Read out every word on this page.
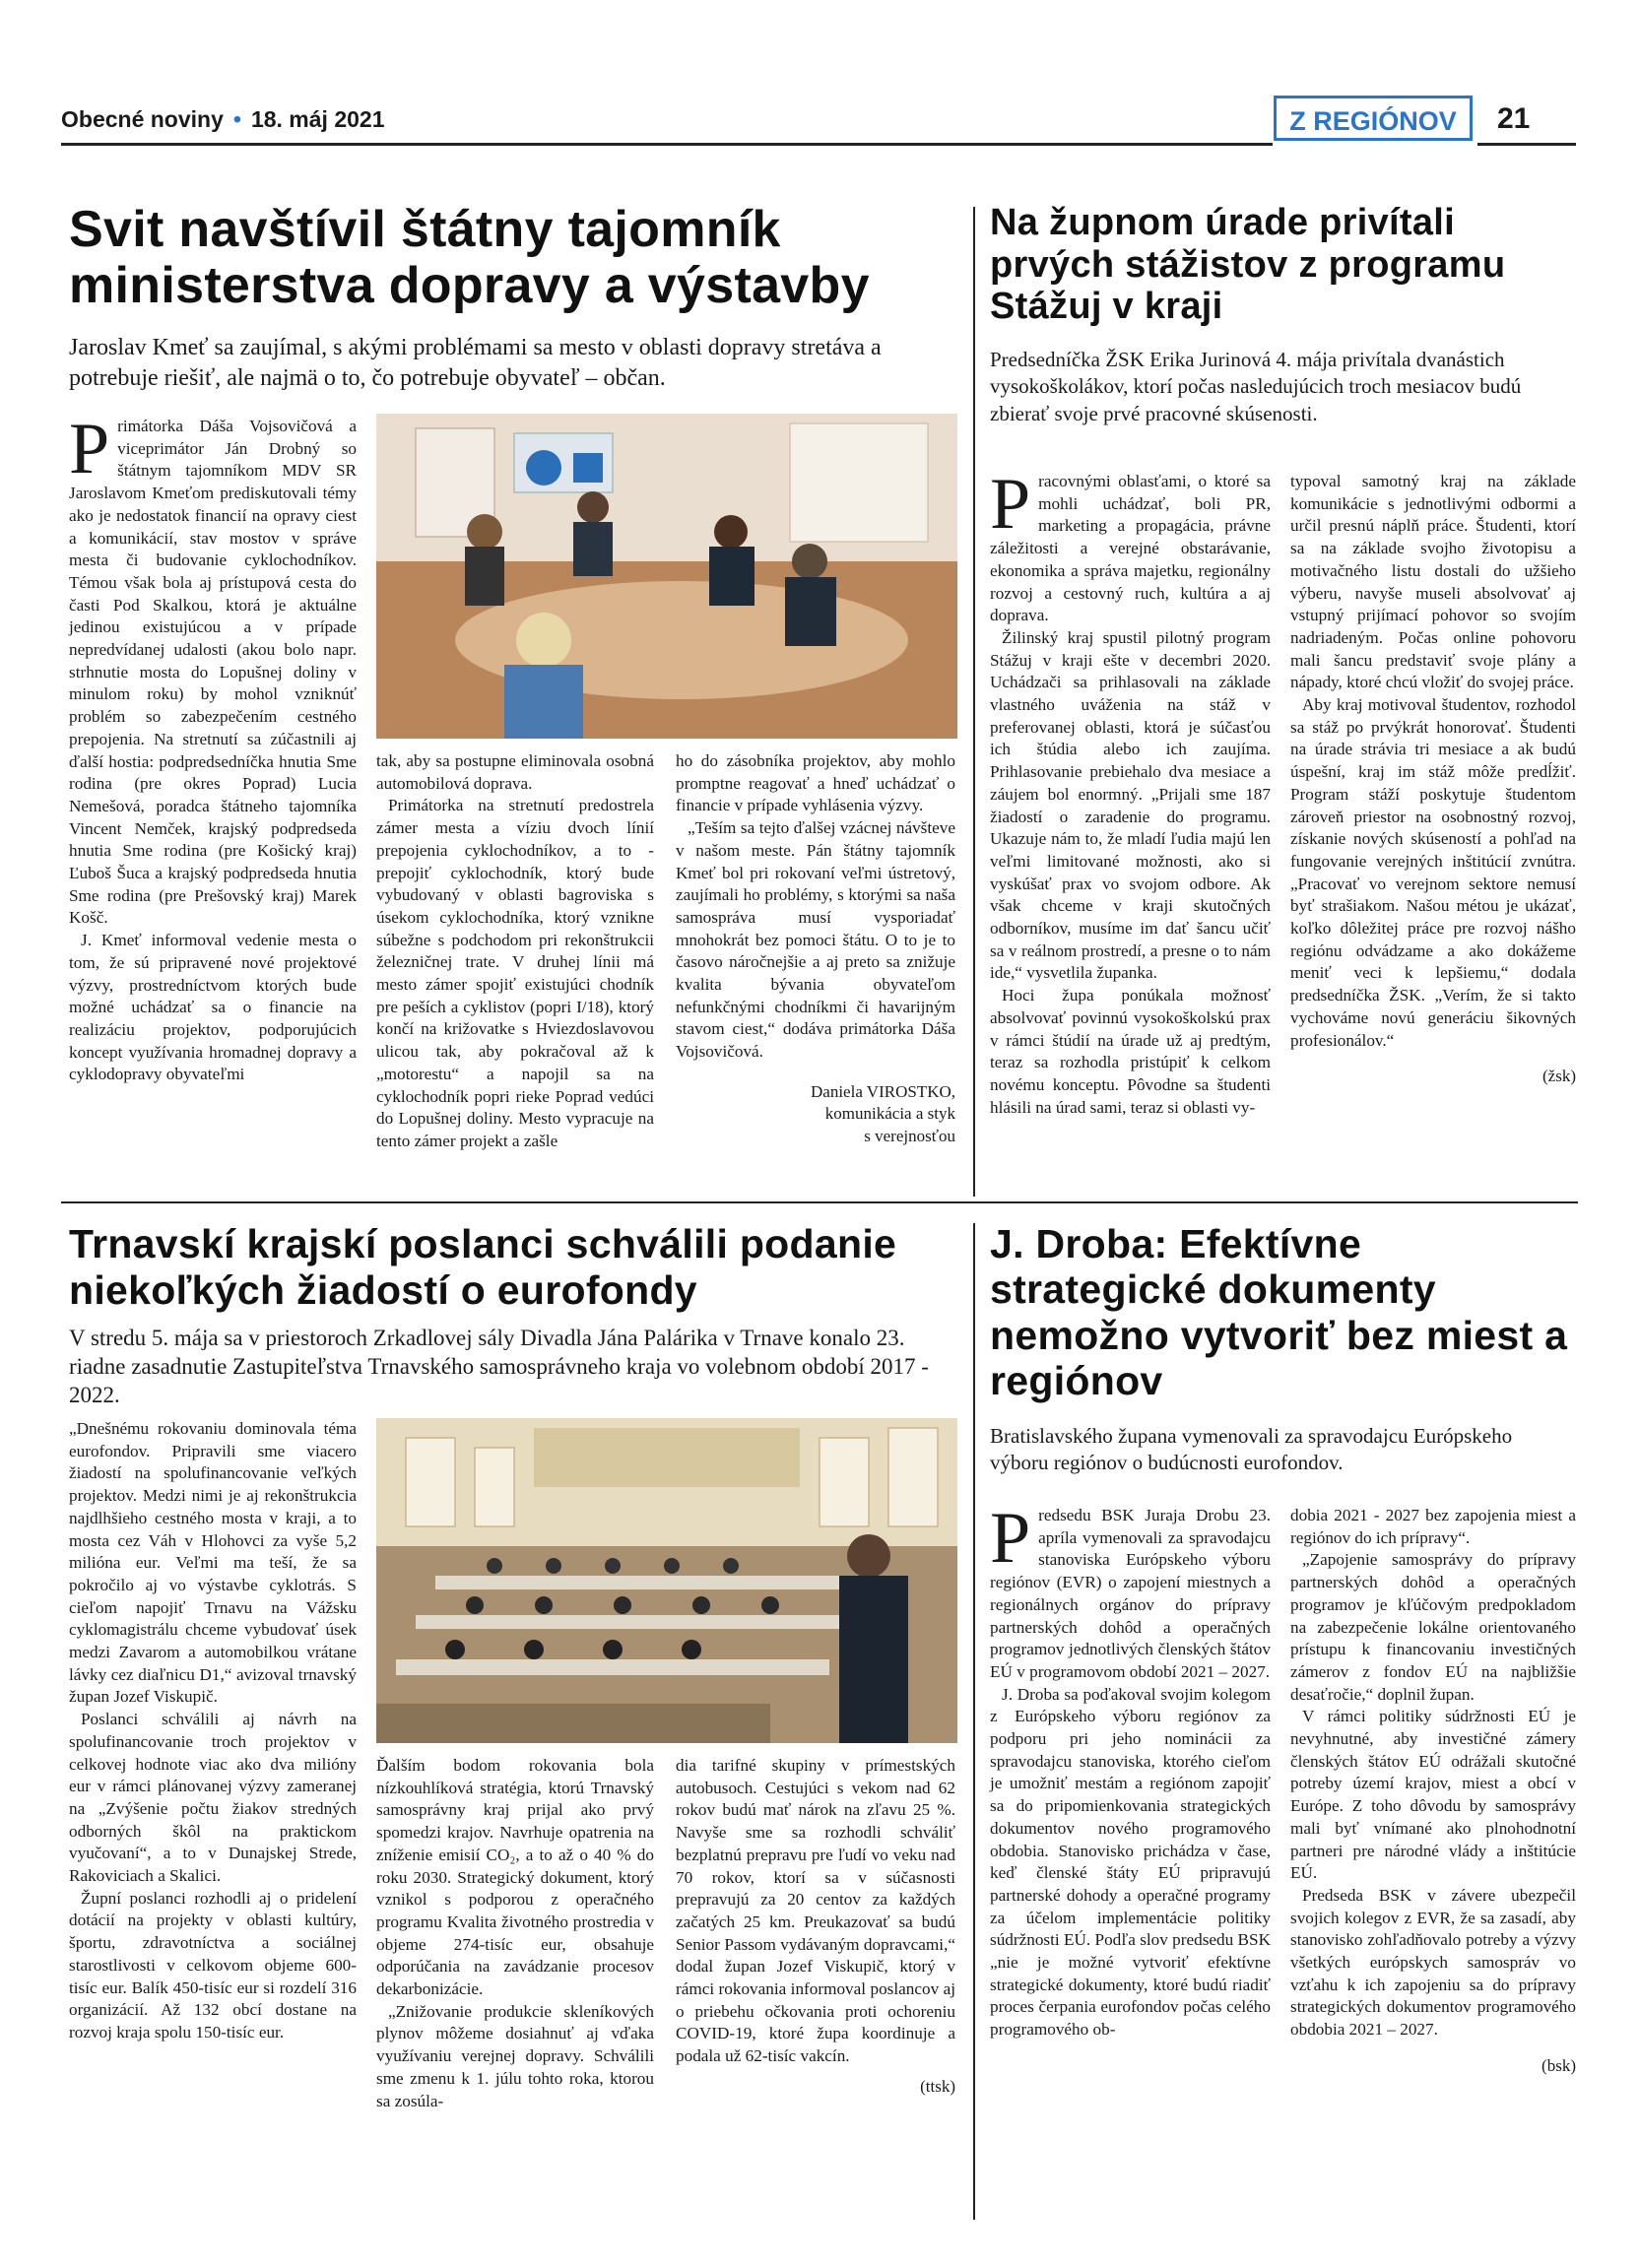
Obecné noviny • 18. máj 2021	Z REGIÓNOV	21
Svit navštívil štátny tajomník ministerstva dopravy a výstavby
Jaroslav Kmeť sa zaujímal, s akými problémami sa mesto v oblasti dopravy stretáva a potrebuje riešiť, ale najmä o to, čo potrebuje obyvateľ – občan.

Primátorka Dáša Vojsovičová a viceprimátor Ján Drobný so štátnym tajomníkom MDV SR Jaroslavom Kmeťom prediskutovali témy ako je nedostatok financií na opravy ciest a komunikácií, stav mostov v správe mesta či budovanie cyklochodníkov. Témou však bola aj prístupová cesta do časti Pod Skalkou, ktorá je aktuálne jedinou existujúcou a v prípade nepredvídanej udalosti (akou bolo napr. strhnutie mosta do Lopušnej doliny v minulom roku) by mohol vzniknúť problém so zabezpečením cestného prepojenia. Na stretnutí sa zúčastnili aj ďalší hostia: podpredsedníčka hnutia Sme rodina (pre okres Poprad) Lucia Nemešová, poradca štátneho tajomníka Vincent Nemček, krajský podpredseda hnutia Sme rodina (pre Košický kraj) Ľuboš Šuca a krajský podpredseda hnutia Sme rodina (pre Prešovský kraj) Marek Košč.

J. Kmeť informoval vedenie mesta o tom, že sú pripravené nové projektové výzvy, prostredníctvom ktorých bude možné uchádzať sa o financie na realizáciu projektov, podporujúcich koncept využívania hromadnej dopravy a cyklodopravy obyvateľmi

tak, aby sa postupne eliminovala osobná automobilová doprava.

Primátorka na stretnutí predostrela zámer mesta a víziu dvoch línií prepojenia cyklochodníkov, a to - prepojiť cyklochodník, ktorý bude vybudovaný v oblasti bagroviska s úsekom cyklochodníka, ktorý vznikne súbežne s podchodom pri rekonštrukcii železničnej trate. V druhej línii má mesto zámer spojiť existujúci chodník pre peších a cyklistov (popri I/18), ktorý končí na križovatke s Hviezdoslavovou ulicou tak, aby pokračoval až k „motorestu“ a napojil sa na cyklochodník popri rieke Poprad vedúci do Lopušnej doliny. Mesto vypracuje na tento zámer projekt a zašle

ho do zásobníka projektov, aby mohlo promptne reagovať a hneď uchádzať o financie v prípade vyhlásenia výzvy.

„Teším sa tejto ďalšej vzácnej návšteve v našom meste. Pán štátny tajomník Kmeť bol pri rokovaní veľmi ústretový, zaujímali ho problémy, s ktorými sa naša samospráva musí vysporiadať mnohokrát bez pomoci štátu. O to je to časovo náročnejšie a aj preto sa znižuje kvalita bývania obyvateľom nefunkčnými chodníkmi či havarijným stavom ciest,“ dodáva primátorka Dáša Vojsovičová.

Daniela VIROSTKO,
komunikácia a styk
s verejnosťou
Na župnom úrade privítali prvých stážistov z programu Stážuj v kraji
Predsedníčka ŽSK Erika Jurinová 4. mája privítala dvanástich vysokoškolákov, ktorí počas nasledujúcich troch mesiacov budú zbierať svoje prvé pracovné skúsenosti.

Pracovnými oblasťami, o ktoré sa mohli uchádzať, boli PR, marketing a propagácia, právne záležitosti a verejné obstarávanie, ekonomika a správa majetku, regionálny rozvoj a cestovný ruch, kultúra a aj doprava.

Žilinský kraj spustil pilotný program Stážuj v kraji ešte v decembri 2020. Uchádzači sa prihlasovali na základe vlastného uváženia na stáž v preferovanej oblasti, ktorá je súčasťou ich štúdia alebo ich zaujíma. Prihlasovanie prebiehalo dva mesiace a záujem bol enormný. „Prijali sme 187 žiadostí o zaradenie do programu. Ukazuje nám to, že mladí ľudia majú len veľmi limitované možnosti, ako si vyskúšať prax vo svojom odbore. Ak však chceme v kraji skutočných odborníkov, musíme im dať šancu učiť sa v reálnom prostredí, a presne o to nám ide,“ vysvetlila županka.

Hoci župa ponúkala možnosť absolvovať povinnú vysokoškolskú prax v rámci štúdií na úrade už aj predtým, teraz sa rozhodla pristúpiť k celkom novému konceptu. Pôvodne sa študenti hlásili na úrad sami, teraz si oblasti vy-

typoval samotný kraj na základe komunikácie s jednotlivými odbormi a určil presnú náplň práce. Študenti, ktorí sa na základe svojho životopisu a motivačného listu dostali do užšieho výberu, navyše museli absolvovať aj vstupný prijímací pohovor so svojím nadriadeným. Počas online pohovoru mali šancu predstaviť svoje plány a nápady, ktoré chcú vložiť do svojej práce.

Aby kraj motivoval študentov, rozhodol sa stáž po prvýkrát honorovať. Študenti na úrade strávia tri mesiace a ak budú úspešní, kraj im stáž môže predĺžiť. Program stáží poskytuje študentom zároveň priestor na osobnostný rozvoj, získanie nových skúseností a pohľad na fungovanie verejných inštitúcií zvnútra. „Pracovať vo verejnom sektore nemusí byť strašiakom. Našou métou je ukázať, koľko dôležitej práce pre rozvoj nášho regiónu odvádzame a ako dokážeme meniť veci k lepšiemu,“ dodala predsedníčka ŽSK. „Verím, že si takto vychováme novú generáciu šikovných profesionálov.“

(žsk)
Trnavskí krajskí poslanci schválili podanie niekoľkých žiadostí o eurofondy
V stredu 5. mája sa v priestoroch Zrkadlovej sály Divadla Jána Palárika v Trnave konalo 23. riadne zasadnutie Zastupiteľstva Trnavského samosprávneho kraja vo volebnom období 2017 - 2022.

„Dnešnému rokovaniu dominovala téma eurofondov. Pripravili sme viacero žiadostí na spolufinancovanie veľkých projektov. Medzi nimi je aj rekonštrukcia najdlhšieho cestného mosta v kraji, a to mosta cez Váh v Hlohovci za vyše 5,2 milióna eur. Veľmi ma teší, že sa pokročilo aj vo výstavbe cyklotrás. S cieľom napojiť Trnavu na Vážsku cyklomagistrálu chceme vybudovať úsek medzi Zavarom a automobilkou vrátane lávky cez diaľnicu D1,“ avizoval trnavský župan Jozef Viskupič.

Poslanci schválili aj návrh na spolufinancovanie troch projektov v celkovej hodnote viac ako dva milióny eur v rámci plánovanej výzvy zameranej na „Zvýšenie počtu žiakov stredných odborných škôl na praktickom vyučovaní“, a to v Dunajskej Strede, Rakoviciach a Skalici.

Župní poslanci rozhodli aj o pridelení dotácií na projekty v oblasti kultúry, športu, zdravotníctva a sociálnej starostlivosti v celkovom objeme 600-tisíc eur. Balík 450-tisíc eur si rozdelí 316 organizácií. Až 132 obcí dostane na rozvoj kraja spolu 150-tisíc eur.

Ďalším bodom rokovania bola nízkouhlíková stratégia, ktorú Trnavský samosprávny kraj prijal ako prvý spomedzi krajov. Navrhuje opatrenia na zníženie emisií CO₂, a to až o 40 % do roku 2030. Strategický dokument, ktorý vznikol s podporou z operačného programu Kvalita životného prostredia v objeme 274-tisíc eur, obsahuje odporúčania na zavádzanie procesov dekarbonizácie.

„Znižovanie produkcie skleníkových plynov môžeme dosiahnuť aj vďaka využívaniu verejnej dopravy. Schválili sme zmenu k 1. júlu tohto roka, ktorou sa zosúla-

dia tarifné skupiny v prímestských autobusoch. Cestujúci s vekom nad 62 rokov budú mať nárok na zľavu 25 %. Navyše sme sa rozhodli schváliť bezplatnú prepravu pre ľudí vo veku nad 70 rokov, ktorí sa v súčasnosti prepravujú za 20 centov za každých začatých 25 km. Preukazovať sa budú Senior Passom vydávaným dopravcami,“ dodal župan Jozef Viskupič, ktorý v rámci rokovania informoval poslancov aj o priebehu očkovania proti ochoreniu COVID-19, ktoré župa koordinuje a podala už 62-tisíc vakcín.

(ttsk)
J. Droba: Efektívne strategické dokumenty nemožno vytvoriť bez miest a regiónov
Bratislavského župana vymenovali za spravodajcu Európskeho výboru regiónov o budúcnosti eurofondov.

Predsedu BSK Juraja Drobu 23. apríla vymenovali za spravodajcu stanoviska Európskeho výboru regiónov (EVR) o zapojení miestnych a regionálnych orgánov do prípravy partnerských dohôd a operačných programov jednotlivých členských štátov EÚ v programovom období 2021 – 2027.

J. Droba sa poďakoval svojim kolegom z Európskeho výboru regiónov za podporu pri jeho nominácii za spravodajcu stanoviska, ktorého cieľom je umožniť mestám a regiónom zapojiť sa do pripomienkovania strategických dokumentov nového programového obdobia. Stanovisko prichádza v čase, keď členské štáty EÚ pripravujú partnerské dohody a operačné programy za účelom implementácie politiky súdržnosti EÚ. Podľa slov predsedu BSK „nie je možné vytvoriť efektívne strategické dokumenty, ktoré budú riadiť proces čerpania eurofondov počas celého programového ob-

dobia 2021 - 2027 bez zapojenia miest a regiónov do ich prípravy“.

„Zapojenie samosprávy do prípravy partnerských dohôd a operačných programov je kľúčovým predpokladom na zabezpečenie lokálne orientovaného prístupu k financovaniu investičných zámerov z fondov EÚ na najbližšie desaťročie,“ doplnil župan.

V rámci politiky súdržnosti EÚ je nevyhnutné, aby investičné zámery členských štátov EÚ odrážali skutočné potreby území krajov, miest a obcí v Európe. Z toho dôvodu by samosprávy mali byť vnímané ako plnohodnotní partneri pre národné vlády a inštitúcie EÚ.

Predseda BSK v závere ubezpečil svojich kolegov z EVR, že sa zasadí, aby stanovisko zohľadňovalo potreby a výzvy všetkých európskych samospráv vo vzťahu k ich zapojeniu sa do prípravy strategických dokumentov programového obdobia 2021 – 2027.

(bsk)
